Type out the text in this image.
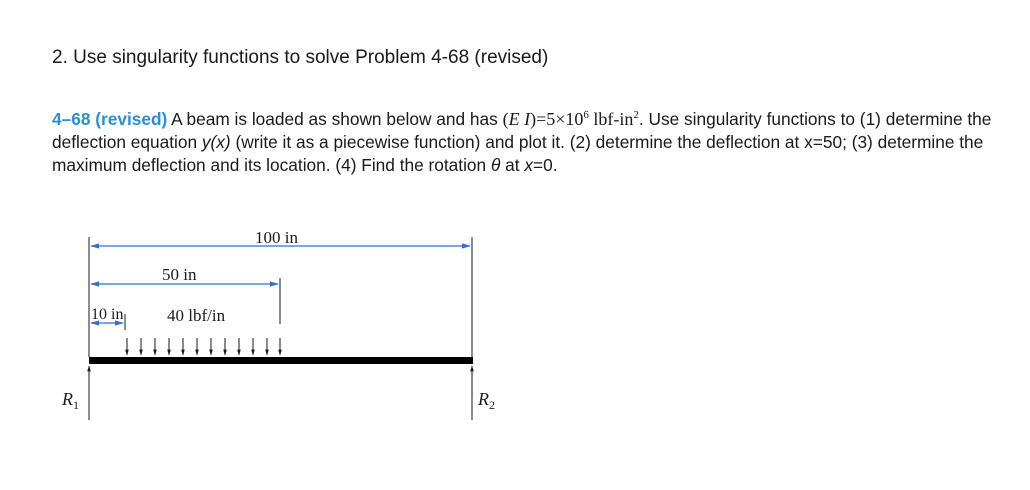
2. Use singularity functions to solve Problem 4-68 (revised)
4–68 (revised) A beam is loaded as shown below and has (E $I)=5\times 10^6$ lbf-$in^2$. Use singularity functions to (1) determine the deflection equation y(x) (write it as a piecewise function) and plot it. (2) determine the deflection at x=50; (3) determine the maximum deflection and its location. (4) Find the rotation θ at x=0.
100 in
50 in
10 in	40 lbf/in
$R_1$	$R_2$
